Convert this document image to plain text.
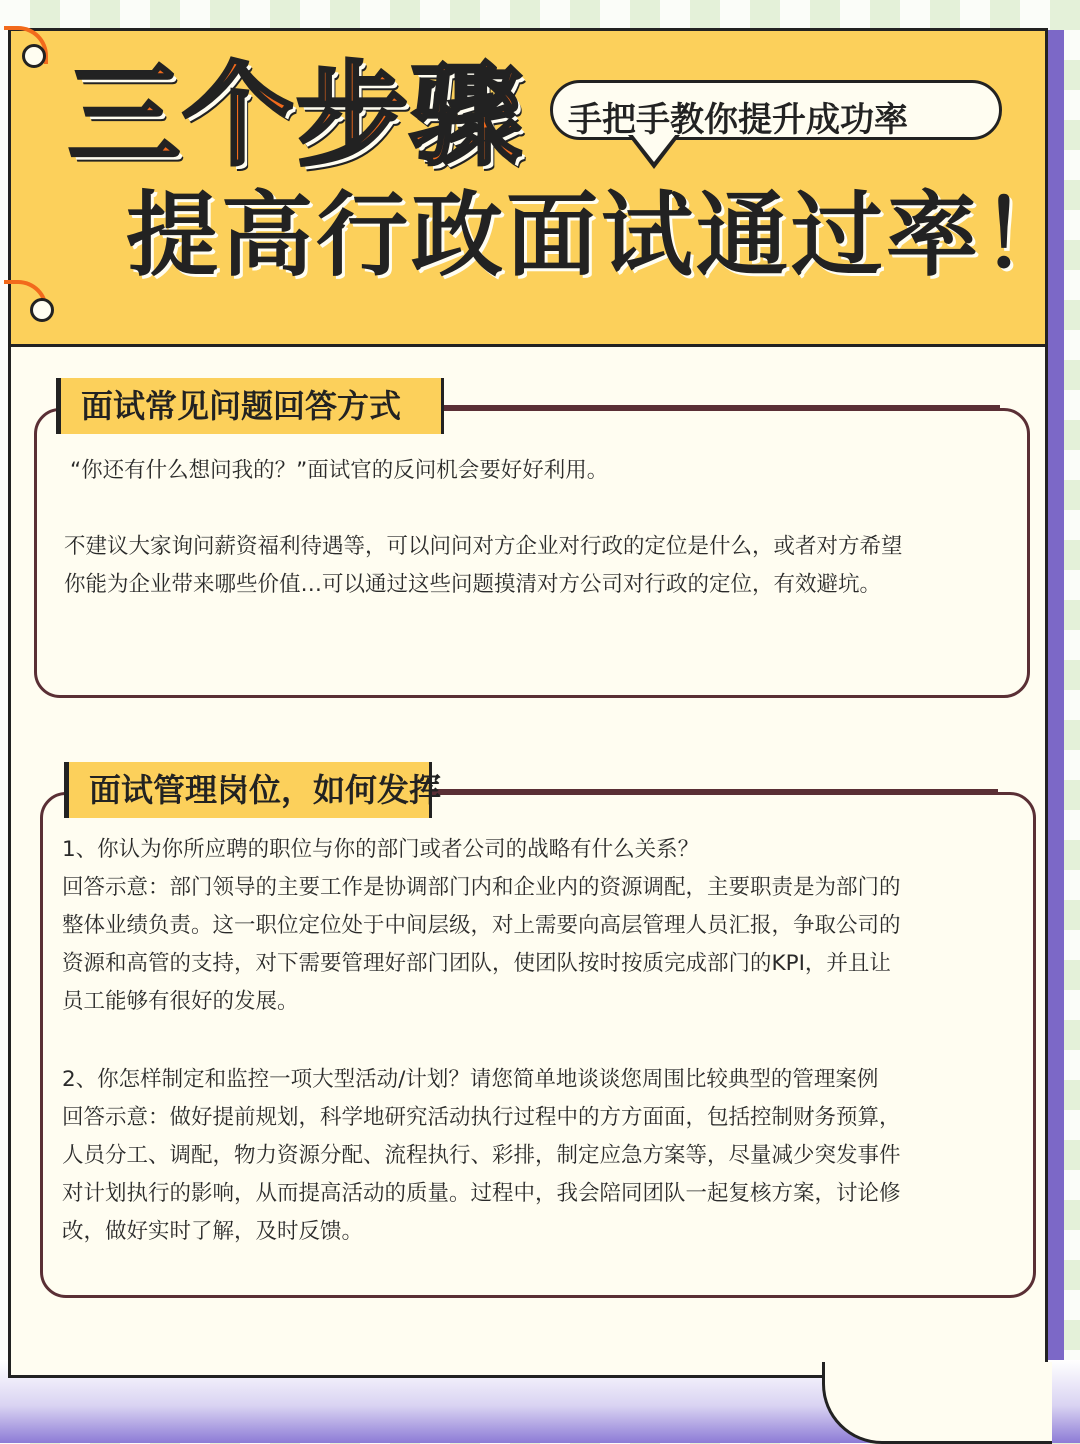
三个步骤
提高行政面试通过率！
手把手教你提升成功率
面试常见问题回答方式
“你还有什么想问我的？”面试官的反问机会要好好利用。
不建议大家询问薪资福利待遇等，可以问问对方企业对行政的定位是什么，或者对方希望
你能为企业带来哪些价值…可以通过这些问题摸清对方公司对行政的定位，有效避坑。
面试管理岗位，如何发挥
1、你认为你所应聘的职位与你的部门或者公司的战略有什么关系？
回答示意：部门领导的主要工作是协调部门内和企业内的资源调配，主要职责是为部门的
整体业绩负责。这一职位定位处于中间层级，对上需要向高层管理人员汇报，争取公司的
资源和高管的支持，对下需要管理好部门团队，使团队按时按质完成部门的KPI，并且让
员工能够有很好的发展。
2、你怎样制定和监控一项大型活动/计划？请您简单地谈谈您周围比较典型的管理案例
回答示意：做好提前规划，科学地研究活动执行过程中的方方面面，包括控制财务预算，
人员分工、调配，物力资源分配、流程执行、彩排，制定应急方案等，尽量减少突发事件
对计划执行的影响，从而提高活动的质量。过程中，我会陪同团队一起复核方案，讨论修
改，做好实时了解，及时反馈。
